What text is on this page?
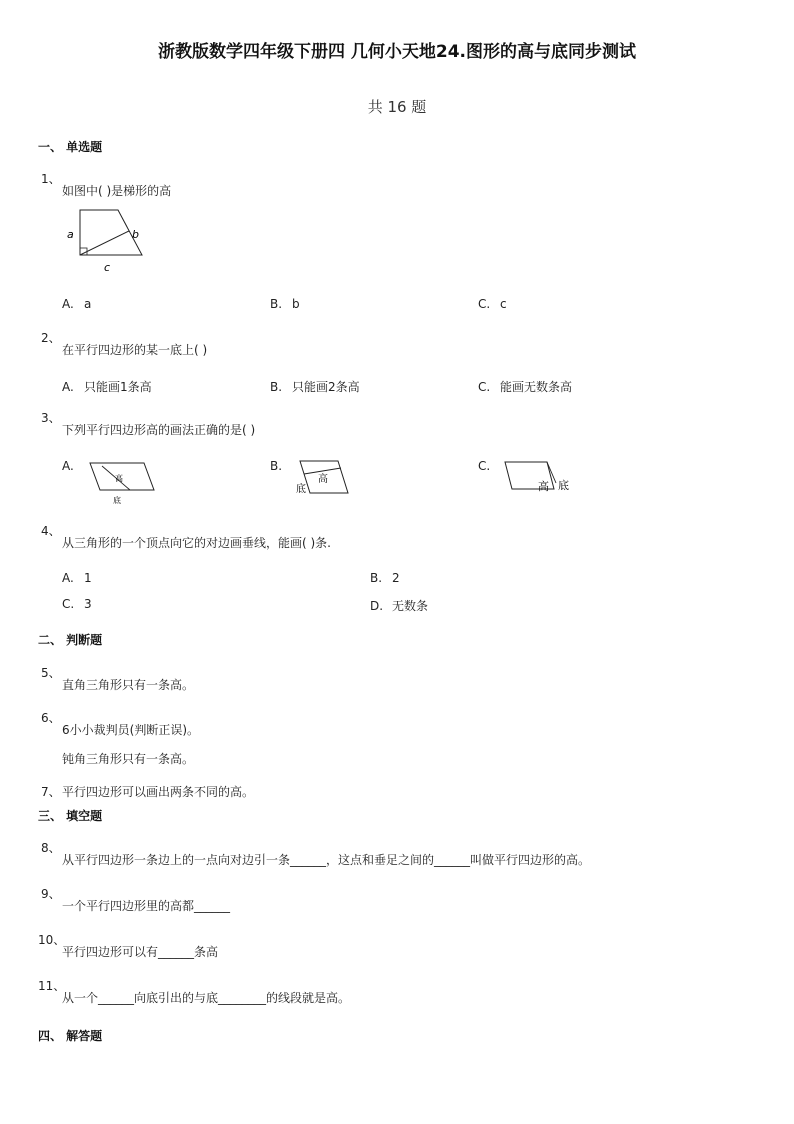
浙教版数学四年级下册四 几何小天地24.图形的高与底同步测试
共 16 题
一、 单选题
1、
如图中( )是梯形的高
a	b
c
A. a	B. b	C. c
2、
在平行四边形的某一底上( )
A. 只能画1条高	B. 只能画2条高	C. 能画无数条高
3、
下列平行四边形高的画法正确的是( )
A.
高
底
B.
高
底
C.
高 底
4、
从三角形的一个顶点向它的对边画垂线，能画( )条.
A. 1	B. 2
C. 3	D. 无数条
二、 判断题
5、
直角三角形只有一条高。
6、
6小小裁判员(判断正误)。
钝角三角形只有一条高。
7、 平行四边形可以画出两条不同的高。
三、 填空题
8、
从平行四边形一条边上的一点向对边引一条______，这点和垂足之间的______叫做平行四边形的高。
9、
一个平行四边形里的高都______
10、
平行四边形可以有______条高
11、
从一个______向底引出的与底________的线段就是高。
四、 解答题
